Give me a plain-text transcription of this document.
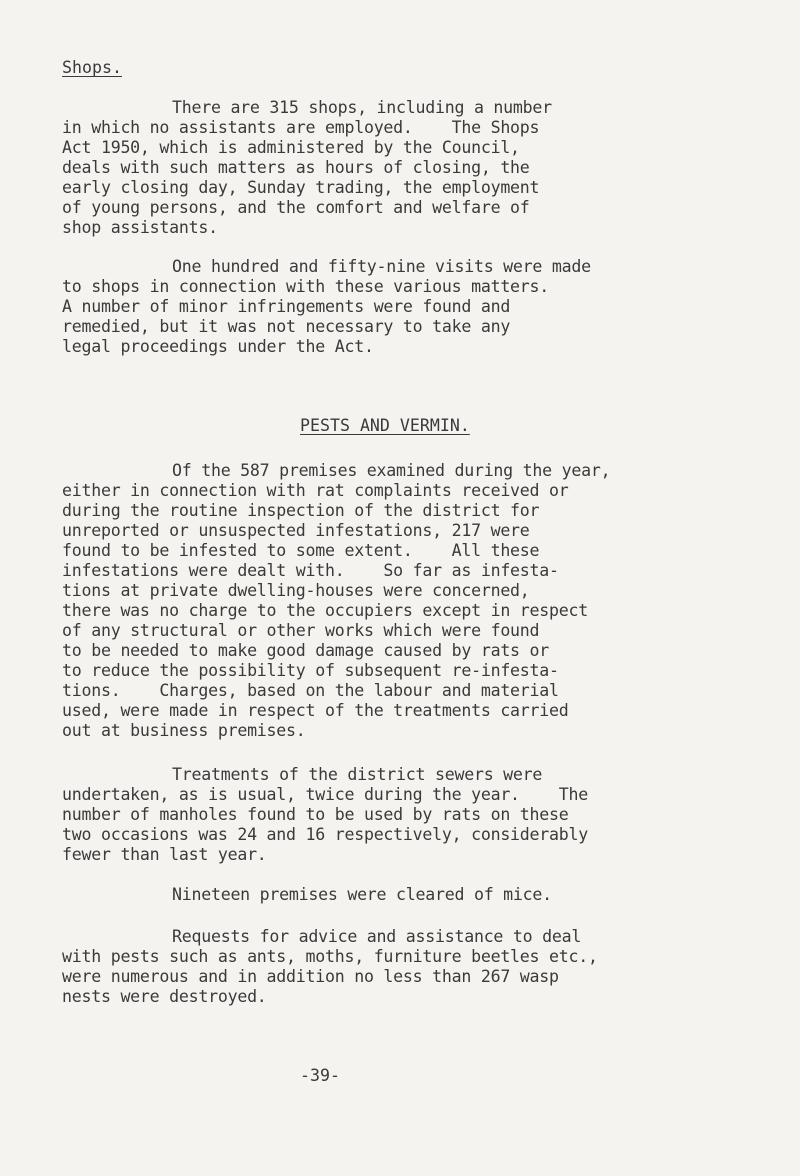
Shops.
There are 315 shops, including a number
in which no assistants are employed.    The Shops
Act 1950, which is administered by the Council,
deals with such matters as hours of closing, the
early closing day, Sunday trading, the employment
of young persons, and the comfort and welfare of
shop assistants.
One hundred and fifty-nine visits were made
to shops in connection with these various matters.
A number of minor infringements were found and
remedied, but it was not necessary to take any
legal proceedings under the Act.
PESTS AND VERMIN.
Of the 587 premises examined during the year,
either in connection with rat complaints received or
during the routine inspection of the district for
unreported or unsuspected infestations, 217 were
found to be infested to some extent.    All these
infestations were dealt with.    So far as infesta-
tions at private dwelling-houses were concerned,
there was no charge to the occupiers except in respect
of any structural or other works which were found
to be needed to make good damage caused by rats or
to reduce the possibility of subsequent re-infesta-
tions.    Charges, based on the labour and material
used, were made in respect of the treatments carried
out at business premises.
Treatments of the district sewers were
undertaken, as is usual, twice during the year.    The
number of manholes found to be used by rats on these
two occasions was 24 and 16 respectively, considerably
fewer than last year.
Nineteen premises were cleared of mice.
Requests for advice and assistance to deal
with pests such as ants, moths, furniture beetles etc.,
were numerous and in addition no less than 267 wasp
nests were destroyed.
-39-
